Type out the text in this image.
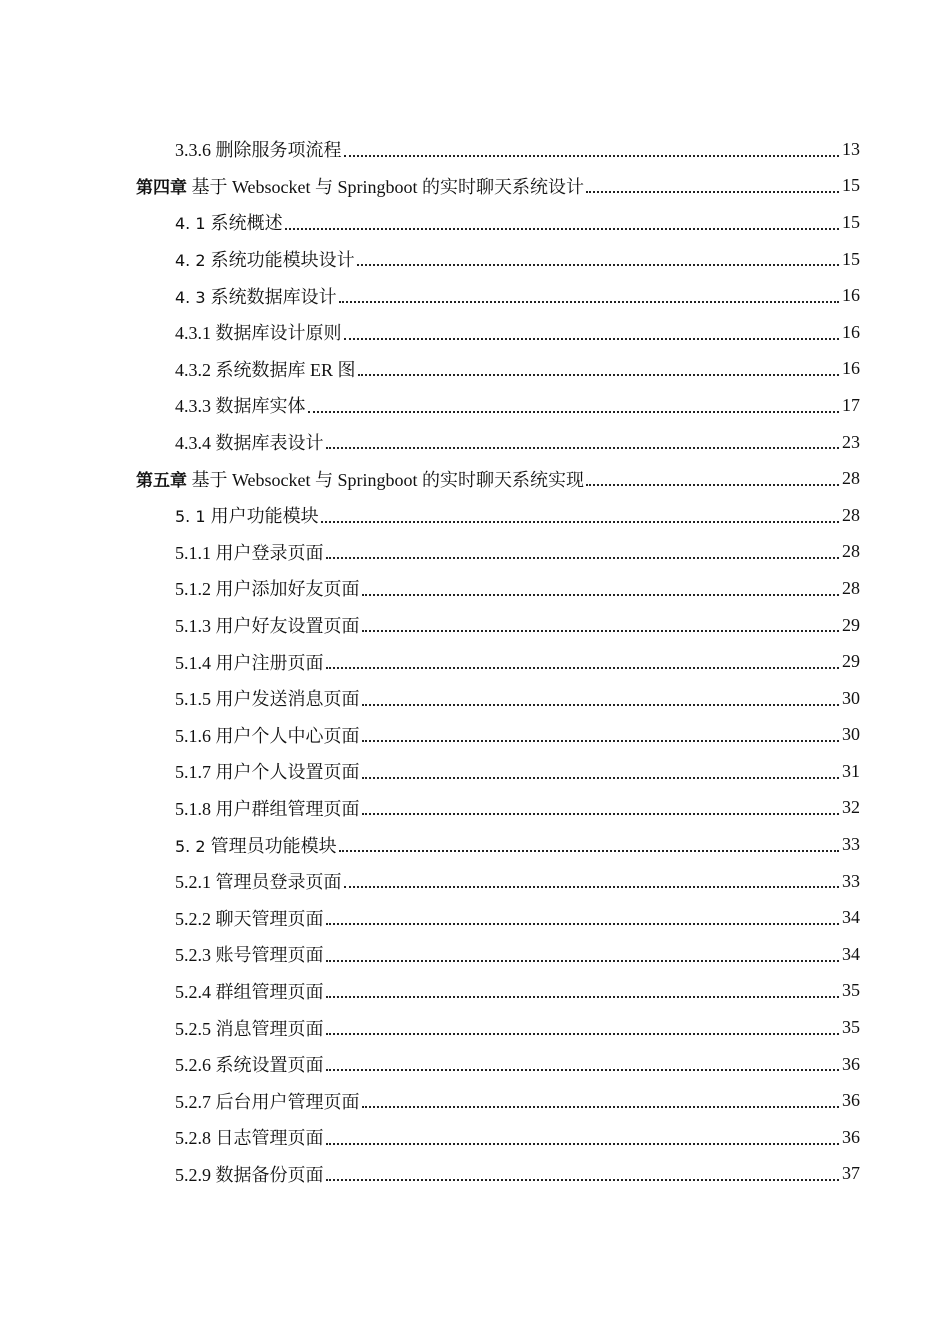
3.3.6 删除服务项流程	13
第四章 基于 Websocket 与 Springboot 的实时聊天系统设计	15
4. 1 系统概述	15
4. 2 系统功能模块设计	15
4. 3 系统数据库设计	16
4.3.1 数据库设计原则	16
4.3.2 系统数据库 ER 图	16
4.3.3 数据库实体	17
4.3.4 数据库表设计	23
第五章 基于 Websocket 与 Springboot 的实时聊天系统实现	28
5. 1 用户功能模块	28
5.1.1 用户登录页面	28
5.1.2 用户添加好友页面	28
5.1.3 用户好友设置页面	29
5.1.4 用户注册页面	29
5.1.5 用户发送消息页面	30
5.1.6 用户个人中心页面	30
5.1.7 用户个人设置页面	31
5.1.8 用户群组管理页面	32
5. 2 管理员功能模块	33
5.2.1 管理员登录页面	33
5.2.2 聊天管理页面	34
5.2.3 账号管理页面	34
5.2.4 群组管理页面	35
5.2.5 消息管理页面	35
5.2.6 系统设置页面	36
5.2.7 后台用户管理页面	36
5.2.8 日志管理页面	36
5.2.9 数据备份页面	37
